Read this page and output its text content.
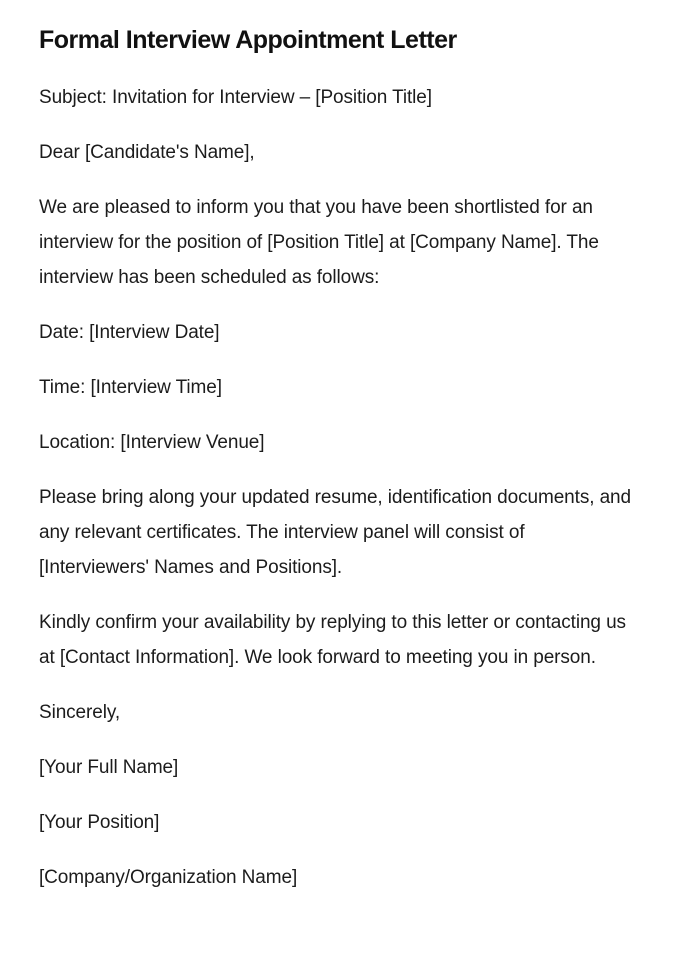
Formal Interview Appointment Letter

Subject: Invitation for Interview – [Position Title]

Dear [Candidate's Name],

We are pleased to inform you that you have been shortlisted for an interview for the position of [Position Title] at [Company Name]. The interview has been scheduled as follows:

Date: [Interview Date]

Time: [Interview Time]

Location: [Interview Venue]

Please bring along your updated resume, identification documents, and any relevant certificates. The interview panel will consist of [Interviewers' Names and Positions].

Kindly confirm your availability by replying to this letter or contacting us at [Contact Information]. We look forward to meeting you in person.

Sincerely,

[Your Full Name]

[Your Position]

[Company/Organization Name]
